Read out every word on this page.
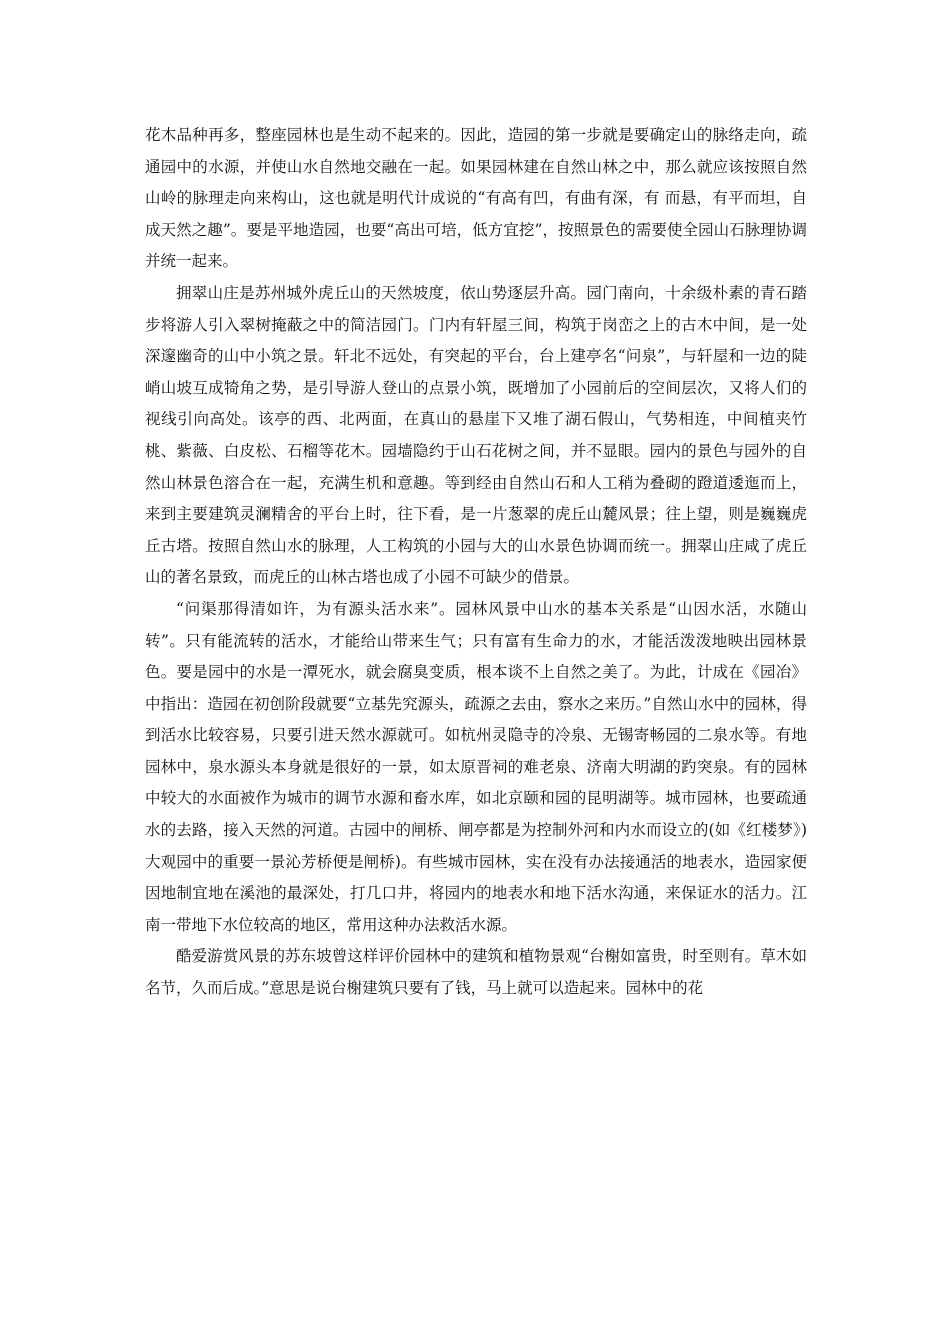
花木品种再多，整座园林也是生动不起来的。因此，造园的第一步就是要确定山的脉络走向，疏通园中的水源，并使山水自然地交融在一起。如果园林建在自然山林之中，那么就应该按照自然山岭的脉理走向来构山，这也就是明代计成说的“有高有凹，有曲有深，有 而悬，有平而坦，自成天然之趣”。要是平地造园，也要“高出可培，低方宜挖”，按照景色的需要使全园山石脉理协调并统一起来。

拥翠山庄是苏州城外虎丘山的天然坡度，依山势逐层升高。园门南向，十余级朴素的青石踏步将游人引入翠树掩蔽之中的简洁园门。门内有轩屋三间，构筑于岗峦之上的古木中间，是一处深邃幽奇的山中小筑之景。轩北不远处，有突起的平台，台上建亭名“问泉”，与轩屋和一边的陡峭山坡互成犄角之势，是引导游人登山的点景小筑，既增加了小园前后的空间层次，又将人们的视线引向高处。该亭的西、北两面，在真山的悬崖下又堆了湖石假山，气势相连，中间植夹竹桃、紫薇、白皮松、石榴等花木。园墙隐约于山石花树之间，并不显眼。园内的景色与园外的自然山林景色溶合在一起，充满生机和意趣。等到经由自然山石和人工稍为叠砌的蹬道逶迤而上，来到主要建筑灵澜精舍的平台上时，往下看，是一片葱翠的虎丘山麓风景；往上望，则是巍巍虎丘古塔。按照自然山水的脉理，人工构筑的小园与大的山水景色协调而统一。拥翠山庄咸了虎丘山的著名景致，而虎丘的山林古塔也成了小园不可缺少的借景。

“问渠那得清如许，为有源头活水来”。园林风景中山水的基本关系是“山因水活，水随山转”。只有能流转的活水，才能给山带来生气；只有富有生命力的水，才能活泼泼地映出园林景色。要是园中的水是一潭死水，就会腐臭变质，根本谈不上自然之美了。为此，计成在《园冶》中指出：造园在初创阶段就要“立基先究源头，疏源之去由，察水之来历。”自然山水中的园林，得到活水比较容易，只要引进天然水源就可。如杭州灵隐寺的冷泉、无锡寄畅园的二泉水等。有地园林中，泉水源头本身就是很好的一景，如太原晋祠的难老泉、济南大明湖的趵突泉。有的园林中较大的水面被作为城市的调节水源和畜水库，如北京颐和园的昆明湖等。城市园林，也要疏通水的去路，接入天然的河道。古园中的闸桥、闸亭都是为控制外河和内水而设立的(如《红楼梦》)大观园中的重要一景沁芳桥便是闸桥)。有些城市园林，实在没有办法接通活的地表水，造园家便因地制宜地在溪池的最深处，打几口井，将园内的地表水和地下活水沟通，来保证水的活力。江南一带地下水位较高的地区，常用这种办法救活水源。

酷爱游赏风景的苏东坡曾这样评价园林中的建筑和植物景观“台榭如富贵，时至则有。草木如名节，久而后成。”意思是说台榭建筑只要有了钱，马上就可以造起来。园林中的花
